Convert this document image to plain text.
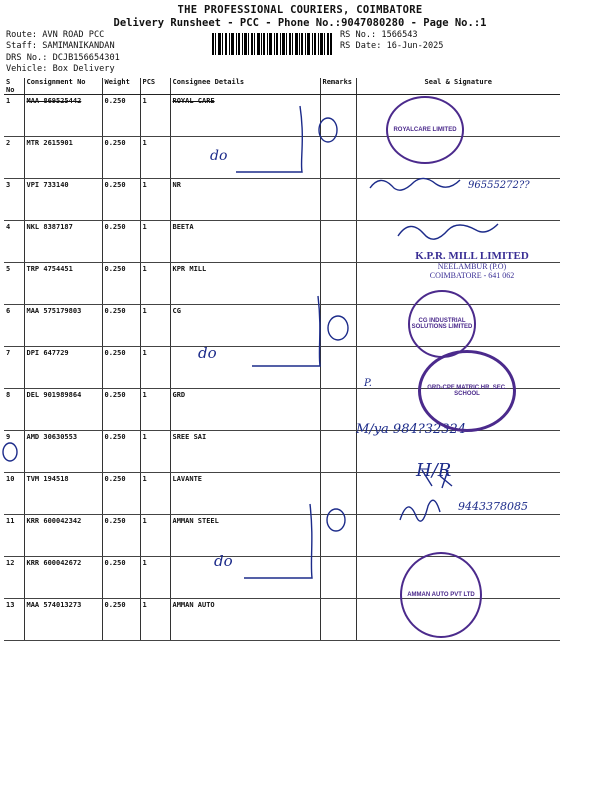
THE PROFESSIONAL COURIERS, COIMBATORE
Delivery Runsheet - PCC - Phone No.:9047080280 - Page No.:1
Route: AVN ROAD PCC
Staff: SAMIMANIKANDAN
DRS No.: DCJB156654301
Vehicle: Box Delivery
RS No.: 1566543
RS Date: 16-Jun-2025
S No	Consignment No	Weight	PCS	Consignee Details	Remarks	Seal & Signature
1	MAA 869525442	0.250	1	ROYAL CARE		
2	MTR 2615901	0.250	1			
3	VPI 733140	0.250	1	NR		
4	NKL 8387187	0.250	1	BEETA		
5	TRP 4754451	0.250	1	KPR MILL		
6	MAA 575179803	0.250	1	CG		
7	DPI 647729	0.250	1			
8	DEL 901989864	0.250	1	GRD		
9	AMD 30630553	0.250	1	SREE SAI		
10	TVM 194518	0.250	1	LAVANTE		
11	KRR 600042342	0.250	1	AMMAN STEEL		
12	KRR 600042672	0.250	1			
13	MAA 574013273	0.250	1	AMMAN AUTO		
do
96555272??
do
P.
M/ya 984?32324
H/R
9443378085
do
ROYALCARE LIMITED
K.P.R. MILL LIMITED
NEELAMBUR (P.O)
COIMBATORE - 641 062
CG INDUSTRIAL SOLUTIONS LIMITED
GRD-CPF MATRIC HR. SEC. SCHOOL
AMMAN AUTO PVT LTD
